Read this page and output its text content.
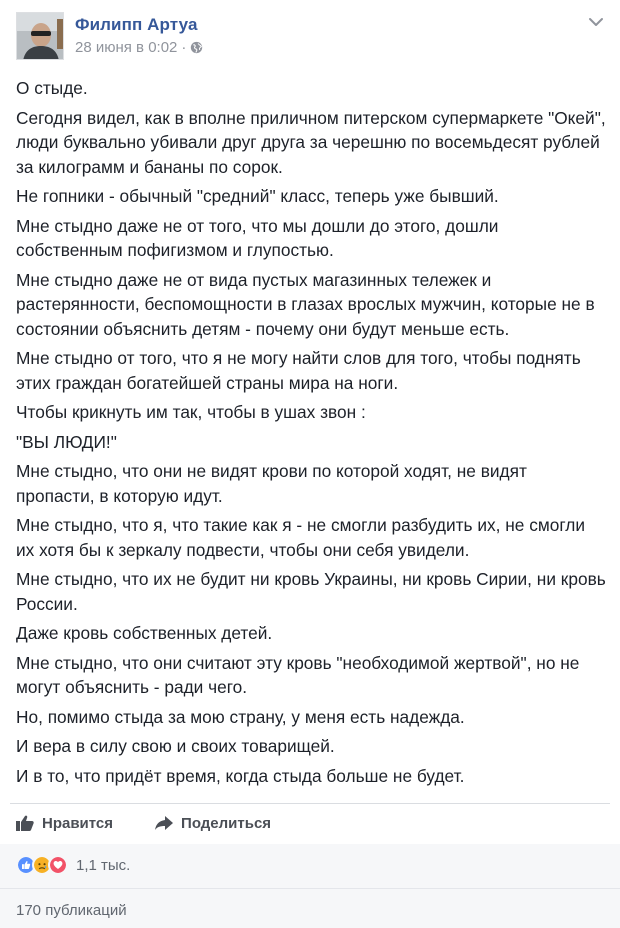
Филипп Артуа
28 июня в 0:02 ·

О стыде.

Сегодня видел, как в вполне приличном питерском супермаркете "Окей", люди буквально убивали друг друга за черешню по восемьдесят рублей за килограмм и бананы по сорок.

Не гопники - обычный "средний" класс, теперь уже бывший.

Мне стыдно даже не от того, что мы дошли до этого, дошли собственным пофигизмом и глупостью.

Мне стыдно даже не от вида пустых магазинных тележек и растерянности, беспомощности в глазах врослых мужчин, которые не в состоянии объяснить детям - почему они будут меньше есть.

Мне стыдно от того, что я не могу найти слов для того, чтобы поднять этих граждан богатейшей страны мира на ноги.

Чтобы крикнуть им так, чтобы в ушах звон :

"ВЫ ЛЮДИ!"

Мне стыдно, что они не видят крови по которой ходят, не видят пропасти, в которую идут.

Мне стыдно, что я, что такие как я - не смогли разбудить их, не смогли их хотя бы к зеркалу подвести, чтобы они себя увидели.

Мне стыдно, что их не будит ни кровь Украины, ни кровь Сирии, ни кровь России.

Даже кровь собственных детей.

Мне стыдно, что они считают эту кровь "необходимой жертвой", но не могут объяснить - ради чего.

Но, помимо стыда за мою страну, у меня есть надежда.

И вера в силу свою и своих товарищей.

И в то, что придёт время, когда стыда больше не будет.

Нравится	Поделиться
1,1 тыс.
170 публикаций
